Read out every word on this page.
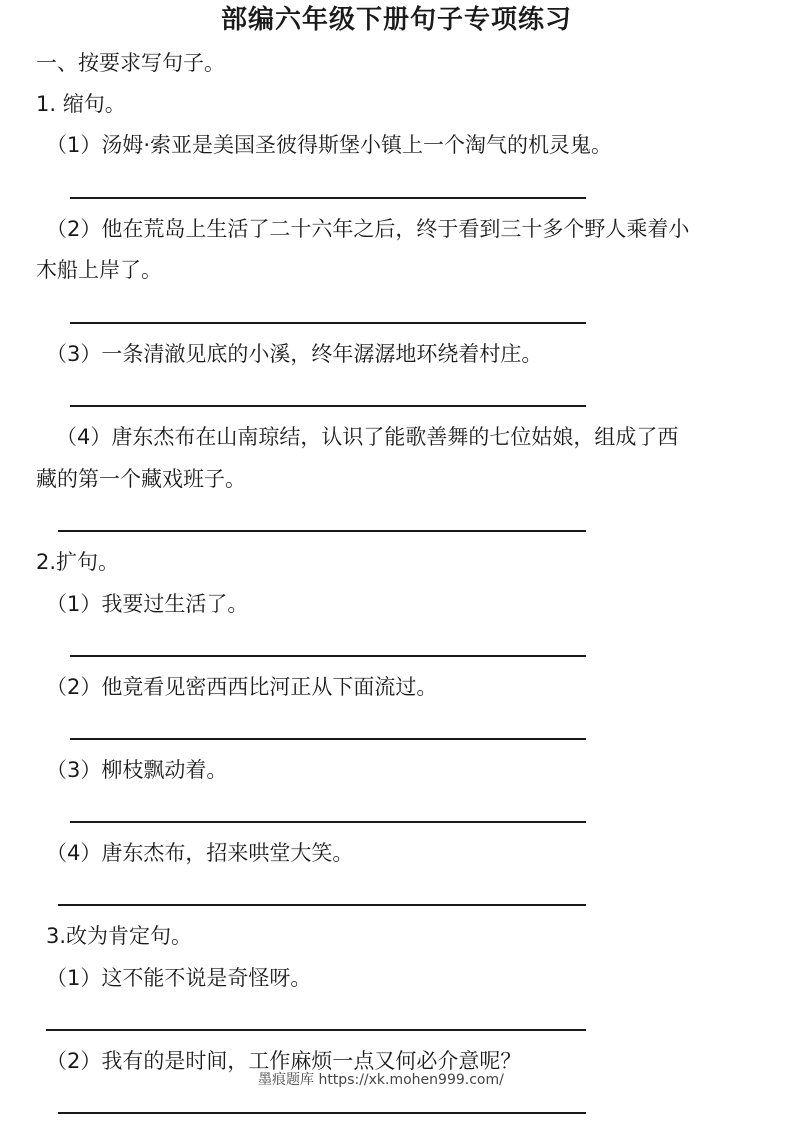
部编六年级下册句子专项练习
一、按要求写句子。
1. 缩句。
（1）汤姆·索亚是美国圣彼得斯堡小镇上一个淘气的机灵鬼。
（2）他在荒岛上生活了二十六年之后，终于看到三十多个野人乘着小
木船上岸了。
（3）一条清澈见底的小溪，终年潺潺地环绕着村庄。
（4）唐东杰布在山南琼结，认识了能歌善舞的七位姑娘，组成了西
藏的第一个藏戏班子。
2.扩句。
（1）我要过生活了。
（2）他竟看见密西西比河正从下面流过。
（3）柳枝飘动着。
（4）唐东杰布，招来哄堂大笑。
3.改为肯定句。
（1）这不能不说是奇怪呀。
（2）我有的是时间，工作麻烦一点又何必介意呢？
墨痕题库 https://xk.mohen999.com/
